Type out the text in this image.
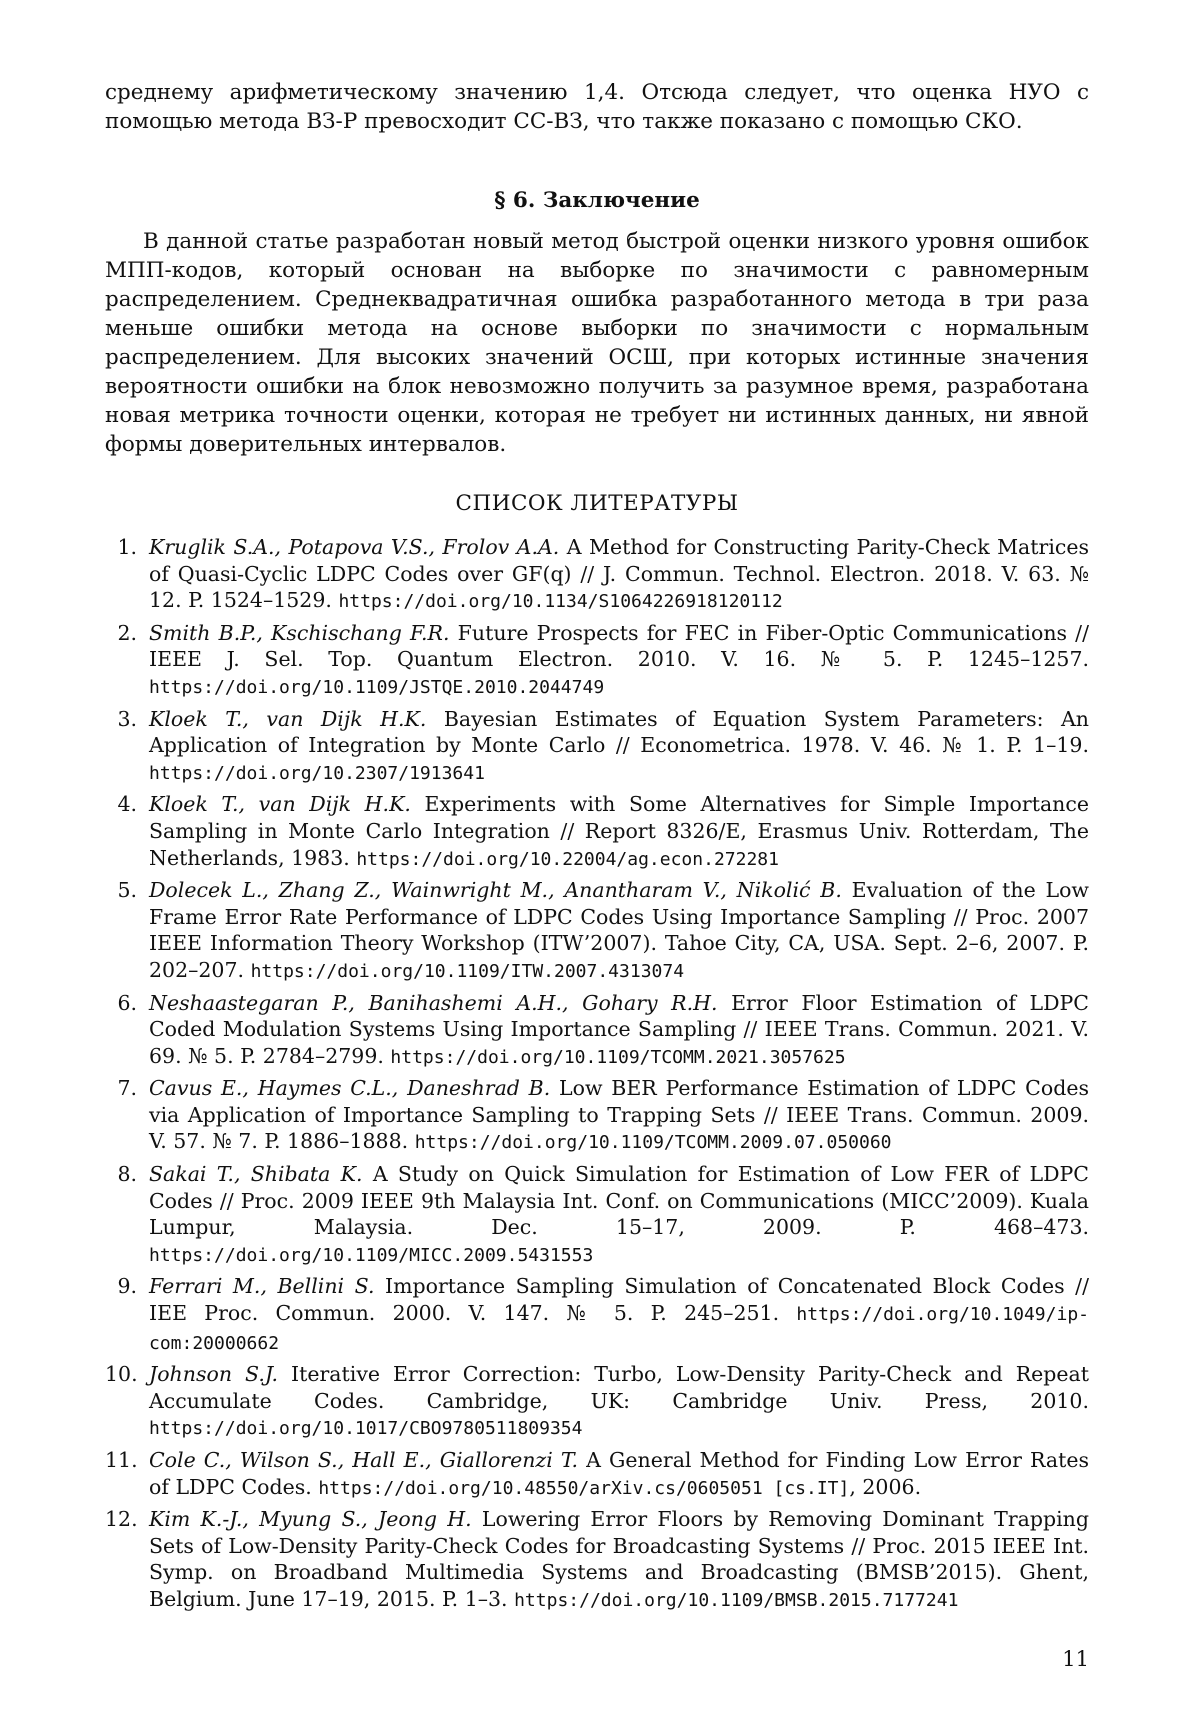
среднему арифметическому значению 1,4. Отсюда следует, что оценка НУО с помощью метода ВЗ-Р превосходит СС-ВЗ, что также показано с помощью СКО.

§ 6. Заключение

В данной статье разработан новый метод быстрой оценки низкого уровня ошибок МПП-кодов, который основан на выборке по значимости с равномерным распределением. Среднеквадратичная ошибка разработанного метода в три раза меньше ошибки метода на основе выборки по значимости с нормальным распределением. Для высоких значений ОСШ, при которых истинные значения вероятности ошибки на блок невозможно получить за разумное время, разработана новая метрика точности оценки, которая не требует ни истинных данных, ни явной формы доверительных интервалов.

СПИСОК ЛИТЕРАТУРЫ
1. Kruglik S.A., Potapova V.S., Frolov A.A. A Method for Constructing Parity-Check Matrices of Quasi-Cyclic LDPC Codes over GF(q) // J. Commun. Technol. Electron. 2018. V. 63. № 12. P. 1524–1529. https://doi.org/10.1134/S1064226918120112
2. Smith B.P., Kschischang F.R. Future Prospects for FEC in Fiber-Optic Communications // IEEE J. Sel. Top. Quantum Electron. 2010. V. 16. № 5. P. 1245–1257. https://doi.org/10.1109/JSTQE.2010.2044749
3. Kloek T., van Dijk H.K. Bayesian Estimates of Equation System Parameters: An Application of Integration by Monte Carlo // Econometrica. 1978. V. 46. № 1. P. 1–19. https://doi.org/10.2307/1913641
4. Kloek T., van Dijk H.K. Experiments with Some Alternatives for Simple Importance Sampling in Monte Carlo Integration // Report 8326/E, Erasmus Univ. Rotterdam, The Netherlands, 1983. https://doi.org/10.22004/ag.econ.272281
5. Dolecek L., Zhang Z., Wainwright M., Anantharam V., Nikolić B. Evaluation of the Low Frame Error Rate Performance of LDPC Codes Using Importance Sampling // Proc. 2007 IEEE Information Theory Workshop (ITW’2007). Tahoe City, CA, USA. Sept. 2–6, 2007. P. 202–207. https://doi.org/10.1109/ITW.2007.4313074
6. Neshaastegaran P., Banihashemi A.H., Gohary R.H. Error Floor Estimation of LDPC Coded Modulation Systems Using Importance Sampling // IEEE Trans. Commun. 2021. V. 69. № 5. P. 2784–2799. https://doi.org/10.1109/TCOMM.2021.3057625
7. Cavus E., Haymes C.L., Daneshrad B. Low BER Performance Estimation of LDPC Codes via Application of Importance Sampling to Trapping Sets // IEEE Trans. Commun. 2009. V. 57. № 7. P. 1886–1888. https://doi.org/10.1109/TCOMM.2009.07.050060
8. Sakai T., Shibata K. A Study on Quick Simulation for Estimation of Low FER of LDPC Codes // Proc. 2009 IEEE 9th Malaysia Int. Conf. on Communications (MICC’2009). Kuala Lumpur, Malaysia. Dec. 15–17, 2009. P. 468–473. https://doi.org/10.1109/MICC.2009.5431553
9. Ferrari M., Bellini S. Importance Sampling Simulation of Concatenated Block Codes // IEE Proc. Commun. 2000. V. 147. № 5. P. 245–251. https://doi.org/10.1049/ip-com:20000662
10. Johnson S.J. Iterative Error Correction: Turbo, Low-Density Parity-Check and Repeat Accumulate Codes. Cambridge, UK: Cambridge Univ. Press, 2010. https://doi.org/10.1017/CBO9780511809354
11. Cole C., Wilson S., Hall E., Giallorenzi T. A General Method for Finding Low Error Rates of LDPC Codes. https://doi.org/10.48550/arXiv.cs/0605051 [cs.IT], 2006.
12. Kim K.-J., Myung S., Jeong H. Lowering Error Floors by Removing Dominant Trapping Sets of Low-Density Parity-Check Codes for Broadcasting Systems // Proc. 2015 IEEE Int. Symp. on Broadband Multimedia Systems and Broadcasting (BMSB’2015). Ghent, Belgium. June 17–19, 2015. P. 1–3. https://doi.org/10.1109/BMSB.2015.7177241
11
